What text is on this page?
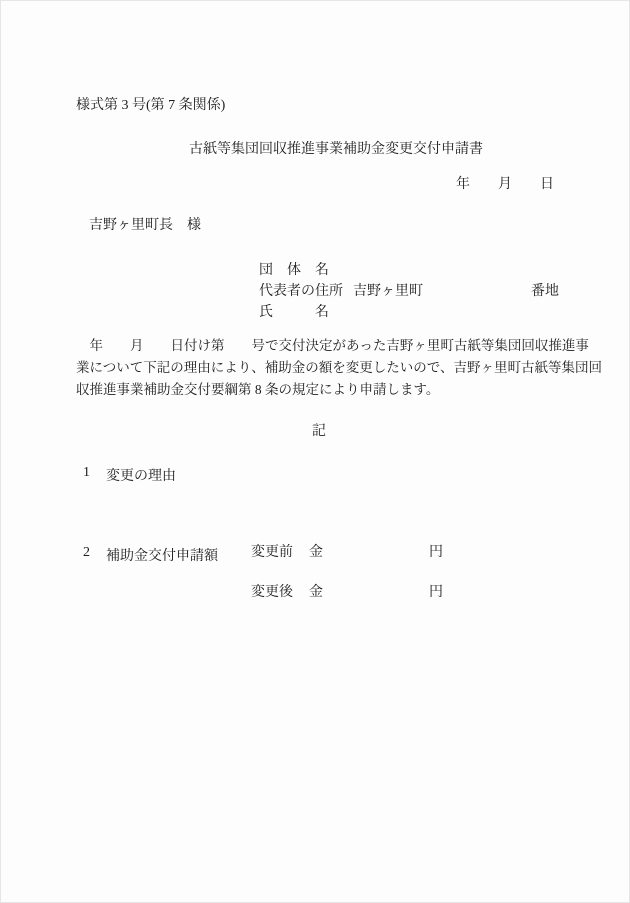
様式第 3 号(第 7 条関係)
古紙等集団回収推進事業補助金変更交付申請書
年　　月　　日
吉野ヶ里町長　様
団　体　名
代表者の住所 吉野ヶ里町	番地
氏　　　名
　年　　月　　日付け第　　号で交付決定があった吉野ヶ里町古紙等集団回収推進事
業について下記の理由により、補助金の額を変更したいので、吉野ヶ里町古紙等集団回
収推進事業補助金交付要綱第 8 条の規定により申請します。
記
1 変更の理由
2 補助金交付申請額 変更前 金	円
変更後 金	円
